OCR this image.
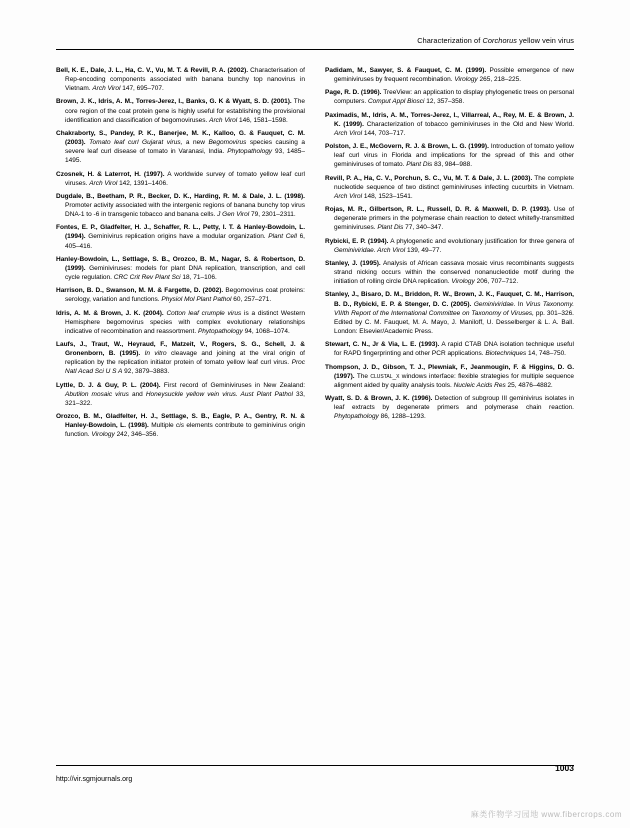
Characterization of Corchorus yellow vein virus
Bell, K. E., Dale, J. L., Ha, C. V., Vu, M. T. & Revill, P. A. (2002). Characterisation of Rep-encoding components associated with banana bunchy top nanovirus in Vietnam. Arch Virol 147, 695–707.
Brown, J. K., Idris, A. M., Torres-Jerez, I., Banks, G. K & Wyatt, S. D. (2001). The core region of the coat protein gene is highly useful for establishing the provisional identification and classification of begomoviruses. Arch Virol 146, 1581–1598.
Chakraborty, S., Pandey, P. K., Banerjee, M. K., Kalloo, G. & Fauquet, C. M. (2003). Tomato leaf curl Gujarat virus, a new Begomovirus species causing a severe leaf curl disease of tomato in Varanasi, India. Phytopathology 93, 1485–1495.
Czosnek, H. & Laterrot, H. (1997). A worldwide survey of tomato yellow leaf curl viruses. Arch Virol 142, 1391–1406.
Dugdale, B., Beetham, P. R., Becker, D. K., Harding, R. M. & Dale, J. L. (1998). Promoter activity associated with the intergenic regions of banana bunchy top virus DNA-1 to -6 in transgenic tobacco and banana cells. J Gen Virol 79, 2301–2311.
Fontes, E. P., Gladfelter, H. J., Schaffer, R. L., Petty, I. T. & Hanley-Bowdoin, L. (1994). Geminivirus replication origins have a modular organization. Plant Cell 6, 405–416.
Hanley-Bowdoin, L., Settlage, S. B., Orozco, B. M., Nagar, S. & Robertson, D. (1999). Geminiviruses: models for plant DNA replication, transcription, and cell cycle regulation. CRC Crit Rev Plant Sci 18, 71–106.
Harrison, B. D., Swanson, M. M. & Fargette, D. (2002). Begomovirus coat proteins: serology, variation and functions. Physiol Mol Plant Pathol 60, 257–271.
Idris, A. M. & Brown, J. K. (2004). Cotton leaf crumple virus is a distinct Western Hemisphere begomovirus species with complex evolutionary relationships indicative of recombination and reassortment. Phytopathology 94, 1068–1074.
Laufs, J., Traut, W., Heyraud, F., Matzeit, V., Rogers, S. G., Schell, J. & Gronenborn, B. (1995). In vitro cleavage and joining at the viral origin of replication by the replication initiator protein of tomato yellow leaf curl virus. Proc Natl Acad Sci U S A 92, 3879–3883.
Lyttle, D. J. & Guy, P. L. (2004). First record of Geminiviruses in New Zealand: Abutilon mosaic virus and Honeysuckle yellow vein virus. Aust Plant Pathol 33, 321–322.
Orozco, B. M., Gladfelter, H. J., Settlage, S. B., Eagle, P. A., Gentry, R. N. & Hanley-Bowdoin, L. (1998). Multiple cis elements contribute to geminivirus origin function. Virology 242, 346–356.
Padidam, M., Sawyer, S. & Fauquet, C. M. (1999). Possible emergence of new geminiviruses by frequent recombination. Virology 265, 218–225.
Page, R. D. (1996). TreeView: an application to display phylogenetic trees on personal computers. Comput Appl Biosci 12, 357–358.
Paximadis, M., Idris, A. M., Torres-Jerez, I., Villarreal, A., Rey, M. E. & Brown, J. K. (1999). Characterization of tobacco geminiviruses in the Old and New World. Arch Virol 144, 703–717.
Polston, J. E., McGovern, R. J. & Brown, L. G. (1999). Introduction of tomato yellow leaf curl virus in Florida and implications for the spread of this and other geminiviruses of tomato. Plant Dis 83, 984–988.
Revill, P. A., Ha, C. V., Porchun, S. C., Vu, M. T. & Dale, J. L. (2003). The complete nucleotide sequence of two distinct geminiviruses infecting cucurbits in Vietnam. Arch Virol 148, 1523–1541.
Rojas, M. R., Gilbertson, R. L., Russell, D. R. & Maxwell, D. P. (1993). Use of degenerate primers in the polymerase chain reaction to detect whitefly-transmitted geminiviruses. Plant Dis 77, 340–347.
Rybicki, E. P. (1994). A phylogenetic and evolutionary justification for three genera of Geminiviridae. Arch Virol 139, 49–77.
Stanley, J. (1995). Analysis of African cassava mosaic virus recombinants suggests strand nicking occurs within the conserved nonanucleotide motif during the initiation of rolling circle DNA replication. Virology 206, 707–712.
Stanley, J., Bisaro, D. M., Briddon, R. W., Brown, J. K., Fauquet, C. M., Harrison, B. D., Rybicki, E. P. & Stenger, D. C. (2005). Geminiviridae. In Virus Taxonomy. VIIIth Report of the International Committee on Taxonomy of Viruses, pp. 301–326. Edited by C. M. Fauquet, M. A. Mayo, J. Maniloff, U. Desselberger & L. A. Ball. London: Elsevier/Academic Press.
Stewart, C. N., Jr & Via, L. E. (1993). A rapid CTAB DNA isolation technique useful for RAPD fingerprinting and other PCR applications. Biotechniques 14, 748–750.
Thompson, J. D., Gibson, T. J., Plewniak, F., Jeanmougin, F. & Higgins, D. G. (1997). The clustal_x windows interface: flexible strategies for multiple sequence alignment aided by quality analysis tools. Nucleic Acids Res 25, 4876–4882.
Wyatt, S. D. & Brown, J. K. (1996). Detection of subgroup III geminivirus isolates in leaf extracts by degenerate primers and polymerase chain reaction. Phytopathology 86, 1288–1293.
http://vir.sgmjournals.org
1003
麻类作物学习园地 www.fibercrops.com
